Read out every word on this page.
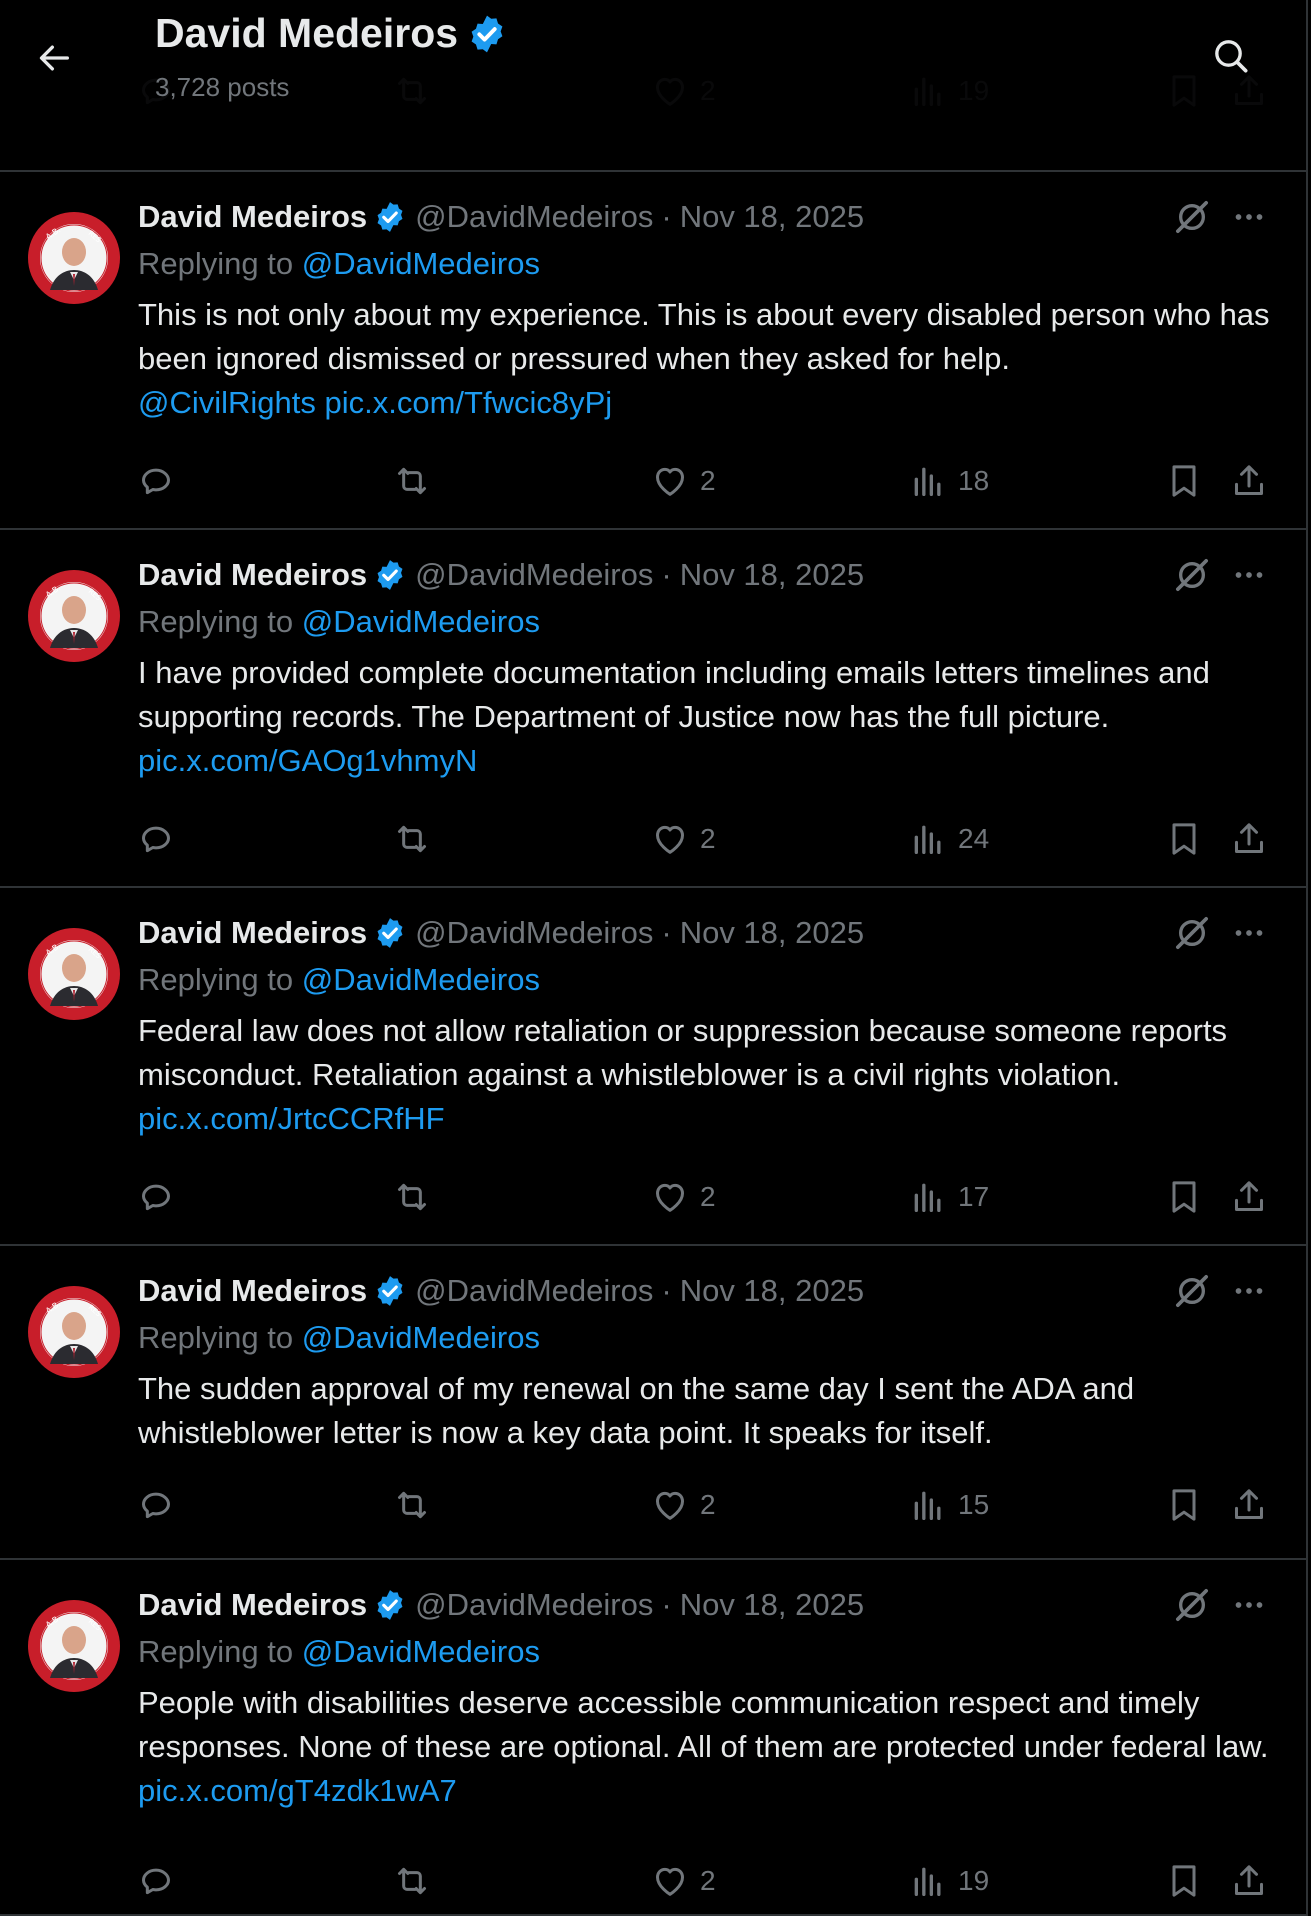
David Medeiros
3,728 posts
A.B.	RES
David Medeiros @DavidMedeiros · Nov 18, 2025
Replying to @DavidMedeiros
This is not only about my experience. This is about every disabled person who has been ignored dismissed or pressured when they asked for help.
@CivilRights pic.x.com/Tfwcic8yPj
2	18
A.B.	RES
David Medeiros @DavidMedeiros · Nov 18, 2025
Replying to @DavidMedeiros
I have provided complete documentation including emails letters timelines and supporting records. The Department of Justice now has the full picture.
pic.x.com/GAOg1vhmyN
2	24
A.B.	RES
David Medeiros @DavidMedeiros · Nov 18, 2025
Replying to @DavidMedeiros
Federal law does not allow retaliation or suppression because someone reports misconduct. Retaliation against a whistleblower is a civil rights violation. pic.x.com/JrtcCCRfHF
2	17
A.B.	RES
David Medeiros @DavidMedeiros · Nov 18, 2025
Replying to @DavidMedeiros
The sudden approval of my renewal on the same day I sent the ADA and whistleblower letter is now a key data point. It speaks for itself.
2	15
A.B.	RES
David Medeiros @DavidMedeiros · Nov 18, 2025
Replying to @DavidMedeiros
People with disabilities deserve accessible communication respect and timely responses. None of these are optional. All of them are protected under federal law. pic.x.com/gT4zdk1wA7
2	19
